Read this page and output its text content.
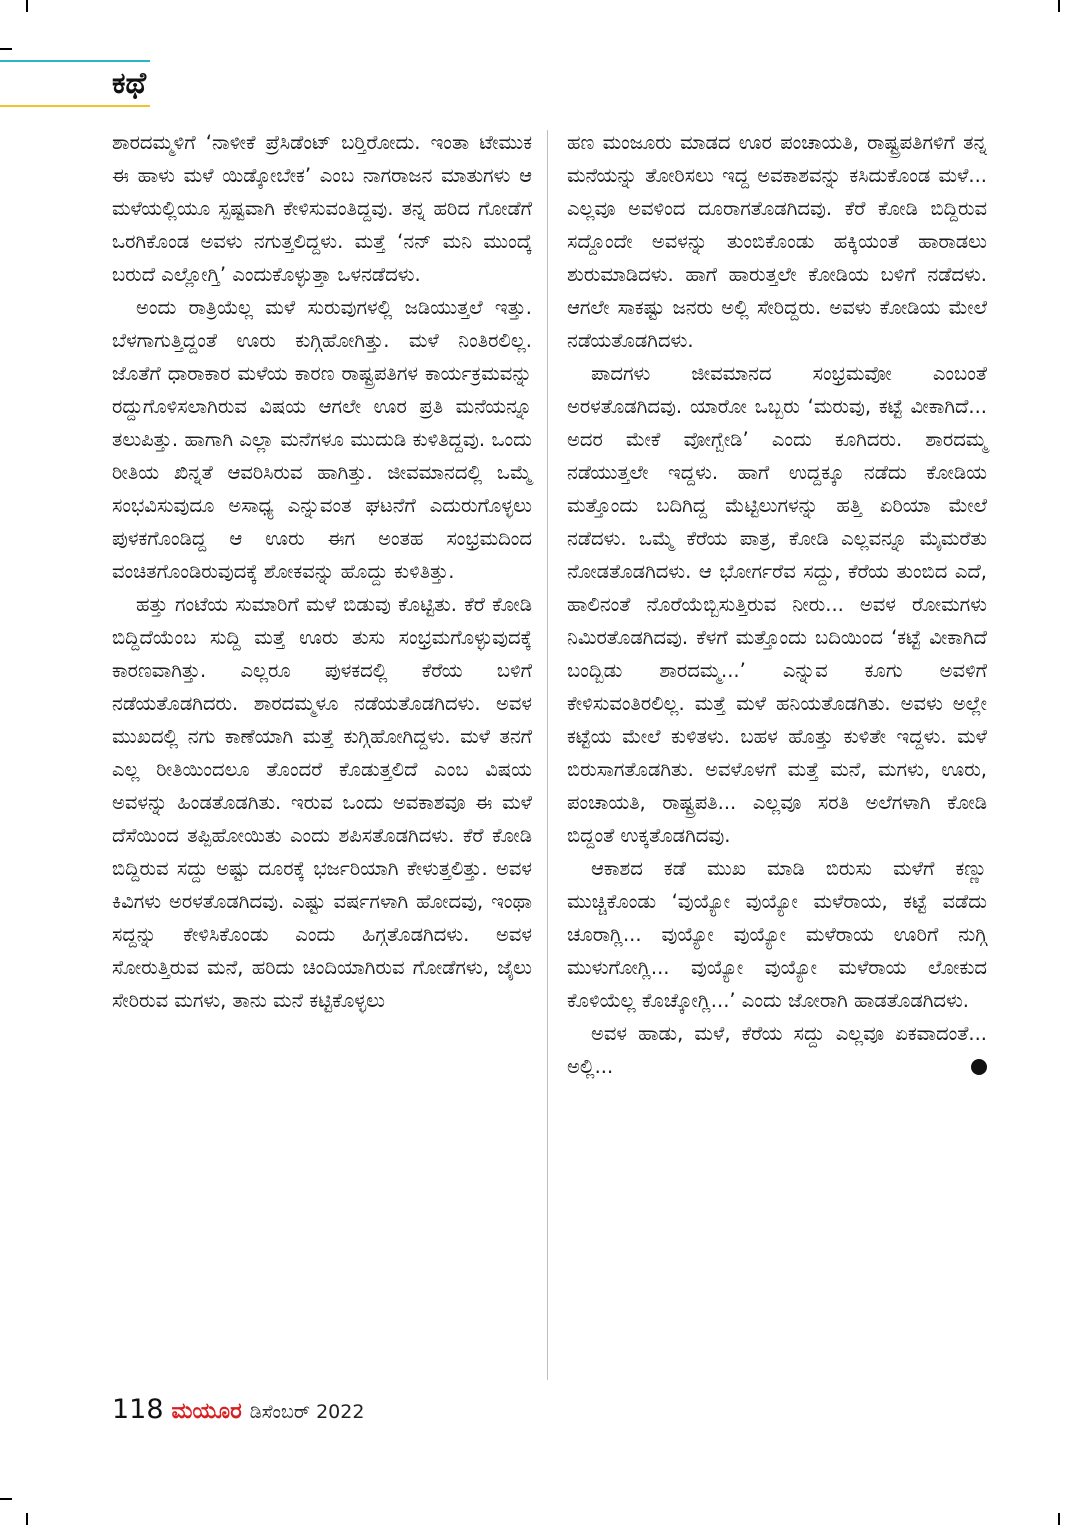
ಕಥೆ

ಶಾರದಮ್ಮಳಿಗೆ ‘ನಾಳೀಕೆ ಪ್ರೆಸಿಡೆಂಟ್ ಬರ‍್ತಿರೋದು. ಇಂತಾ ಟೇಮುಕ ಈ ಹಾಳು ಮಳೆ ಯಿಡ್ಕೋಬೇಕ’ ಎಂಬ ನಾಗರಾಜನ ಮಾತುಗಳು ಆ ಮಳೆಯಲ್ಲಿಯೂ ಸ್ಪಷ್ಟವಾಗಿ ಕೇಳಿಸುವಂತಿದ್ದವು. ತನ್ನ ಹರಿದ ಗೋಡೆಗೆ ಒರಗಿಕೊಂಡ ಅವಳು ನಗುತ್ತಲಿದ್ದಳು. ಮತ್ತೆ ‘ನನ್ ಮನಿ ಮುಂದ್ಕೆ ಬರುದೆ ಎಲ್ಲೋಗ್ತಿ’ ಎಂದುಕೊಳ್ಳುತ್ತಾ ಒಳನಡೆದಳು.

ಅಂದು ರಾತ್ರಿಯೆಲ್ಲ ಮಳೆ ಸುರುವುಗಳಲ್ಲಿ ಜಡಿಯುತ್ತಲೆ ಇತ್ತು. ಬೆಳಗಾಗುತ್ತಿದ್ದಂತೆ ಊರು ಕುಗ್ಗಿಹೋಗಿತ್ತು. ಮಳೆ ನಿಂತಿರಲಿಲ್ಲ. ಜೊತೆಗೆ ಧಾರಾಕಾರ ಮಳೆಯ ಕಾರಣ ರಾಷ್ಟ್ರಪತಿಗಳ ಕಾರ್ಯಕ್ರಮವನ್ನು ರದ್ದುಗೊಳಿಸಲಾಗಿರುವ ವಿಷಯ ಆಗಲೇ ಊರ ಪ್ರತಿ ಮನೆಯನ್ನೂ ತಲುಪಿತ್ತು. ಹಾಗಾಗಿ ಎಲ್ಲಾ ಮನೆಗಳೂ ಮುದುಡಿ ಕುಳಿತಿದ್ದವು. ಒಂದು ರೀತಿಯ ಖಿನ್ನತೆ ಆವರಿಸಿರುವ ಹಾಗಿತ್ತು. ಜೀವಮಾನದಲ್ಲಿ ಒಮ್ಮೆ ಸಂಭವಿಸುವುದೂ ಅಸಾಧ್ಯ ಎನ್ನುವಂತ ಘಟನೆಗೆ ಎದುರುಗೊಳ್ಳಲು ಪುಳಕಗೊಂಡಿದ್ದ ಆ ಊರು ಈಗ ಅಂತಹ ಸಂಭ್ರಮದಿಂದ ವಂಚಿತಗೊಂಡಿರುವುದಕ್ಕೆ ಶೋಕವನ್ನು ಹೊದ್ದು ಕುಳಿತಿತ್ತು.

ಹತ್ತು ಗಂಟೆಯ ಸುಮಾರಿಗೆ ಮಳೆ ಬಿಡುವು ಕೊಟ್ಟಿತು. ಕೆರೆ ಕೋಡಿ ಬಿದ್ದಿದೆಯೆಂಬ ಸುದ್ದಿ ಮತ್ತೆ ಊರು ತುಸು ಸಂಭ್ರಮಗೊಳ್ಳುವುದಕ್ಕೆ ಕಾರಣವಾಗಿತ್ತು. ಎಲ್ಲರೂ ಪುಳಕದಲ್ಲಿ ಕೆರೆಯ ಬಳಿಗೆ ನಡೆಯತೊಡಗಿದರು. ಶಾರದಮ್ಮಳೂ ನಡೆಯತೊಡಗಿದಳು. ಅವಳ ಮುಖದಲ್ಲಿ ನಗು ಕಾಣೆಯಾಗಿ ಮತ್ತೆ ಕುಗ್ಗಿಹೋಗಿದ್ದಳು. ಮಳೆ ತನಗೆ ಎಲ್ಲ ರೀತಿಯಿಂದಲೂ ತೊಂದರೆ ಕೊಡುತ್ತಲಿದೆ ಎಂಬ ವಿಷಯ ಅವಳನ್ನು ಹಿಂಡತೊಡಗಿತು. ಇರುವ ಒಂದು ಅವಕಾಶವೂ ಈ ಮಳೆ ದೆಸೆಯಿಂದ ತಪ್ಪಿಹೋಯಿತು ಎಂದು ಶಪಿಸತೊಡಗಿದಳು. ಕೆರೆ ಕೋಡಿ ಬಿದ್ದಿರುವ ಸದ್ದು ಅಷ್ಟು ದೂರಕ್ಕೆ ಭರ್ಜರಿಯಾಗಿ ಕೇಳುತ್ತಲಿತ್ತು. ಅವಳ ಕಿವಿಗಳು ಅರಳತೊಡಗಿದವು. ಎಷ್ಟು ವರ್ಷಗಳಾಗಿ ಹೋದವು, ಇಂಥಾ ಸದ್ದನ್ನು ಕೇಳಿಸಿಕೊಂಡು ಎಂದು ಹಿಗ್ಗತೊಡಗಿದಳು. ಅವಳ ಸೋರುತ್ತಿರುವ ಮನೆ, ಹರಿದು ಚಿಂದಿಯಾಗಿರುವ ಗೋಡೆಗಳು, ಜೈಲು ಸೇರಿರುವ ಮಗಳು, ತಾನು ಮನೆ ಕಟ್ಟಿಕೊಳ್ಳಲು

ಹಣ ಮಂಜೂರು ಮಾಡದ ಊರ ಪಂಚಾಯತಿ, ರಾಷ್ಟ್ರಪತಿಗಳಿಗೆ ತನ್ನ ಮನೆಯನ್ನು ತೋರಿಸಲು ಇದ್ದ ಅವಕಾಶವನ್ನು ಕಸಿದುಕೊಂಡ ಮಳೆ... ಎಲ್ಲವೂ ಅವಳಿಂದ ದೂರಾಗತೊಡಗಿದವು. ಕೆರೆ ಕೋಡಿ ಬಿದ್ದಿರುವ ಸದ್ದೊಂದೇ ಅವಳನ್ನು ತುಂಬಿಕೊಂಡು ಹಕ್ಕಿಯಂತೆ ಹಾರಾಡಲು ಶುರುಮಾಡಿದಳು. ಹಾಗೆ ಹಾರುತ್ತಲೇ ಕೋಡಿಯ ಬಳಿಗೆ ನಡೆದಳು. ಆಗಲೇ ಸಾಕಷ್ಟು ಜನರು ಅಲ್ಲಿ ಸೇರಿದ್ದರು. ಅವಳು ಕೋಡಿಯ ಮೇಲೆ ನಡೆಯತೊಡಗಿದಳು.

ಪಾದಗಳು ಜೀವಮಾನದ ಸಂಭ್ರಮವೋ ಎಂಬಂತೆ ಅರಳತೊಡಗಿದವು. ಯಾರೋ ಒಬ್ಬರು ‘ಮರುವು, ಕಟ್ಟೆ ವೀಕಾಗಿದೆ... ಅದರ ಮೇಕೆ ವೋಗ್ಬೇಡಿ’ ಎಂದು ಕೂಗಿದರು. ಶಾರದಮ್ಮ ನಡೆಯುತ್ತಲೇ ಇದ್ದಳು. ಹಾಗೆ ಉದ್ದಕ್ಕೂ ನಡೆದು ಕೋಡಿಯ ಮತ್ತೊಂದು ಬದಿಗಿದ್ದ ಮೆಟ್ಟಿಲುಗಳನ್ನು ಹತ್ತಿ ಏರಿಯಾ ಮೇಲೆ ನಡೆದಳು. ಒಮ್ಮೆ ಕೆರೆಯ ಪಾತ್ರ, ಕೋಡಿ ಎಲ್ಲವನ್ನೂ ಮೈಮರೆತು ನೋಡತೊಡಗಿದಳು. ಆ ಭೋರ್ಗರೆವ ಸದ್ದು, ಕೆರೆಯ ತುಂಬಿದ ಎದೆ, ಹಾಲಿನಂತೆ ನೊರೆಯೆಬ್ಬಿಸುತ್ತಿರುವ ನೀರು... ಅವಳ ರೋಮಗಳು ನಿಮಿರತೊಡಗಿದವು. ಕೆಳಗೆ ಮತ್ತೊಂದು ಬದಿಯಿಂದ ‘ಕಟ್ಟೆ ವೀಕಾಗಿದೆ ಬಂದ್ಬಿಡು ಶಾರದಮ್ಮ...’ ಎನ್ನುವ ಕೂಗು ಅವಳಿಗೆ ಕೇಳಿಸುವಂತಿರಲಿಲ್ಲ. ಮತ್ತೆ ಮಳೆ ಹನಿಯತೊಡಗಿತು. ಅವಳು ಅಲ್ಲೇ ಕಟ್ಟೆಯ ಮೇಲೆ ಕುಳಿತಳು. ಬಹಳ ಹೊತ್ತು ಕುಳಿತೇ ಇದ್ದಳು. ಮಳೆ ಬಿರುಸಾಗತೊಡಗಿತು. ಅವಳೊಳಗೆ ಮತ್ತೆ ಮನೆ, ಮಗಳು, ಊರು, ಪಂಚಾಯತಿ, ರಾಷ್ಟ್ರಪತಿ... ಎಲ್ಲವೂ ಸರತಿ ಅಲೆಗಳಾಗಿ ಕೋಡಿ ಬಿದ್ದಂತೆ ಉಕ್ಕತೊಡಗಿದವು.

ಆಕಾಶದ ಕಡೆ ಮುಖ ಮಾಡಿ ಬಿರುಸು ಮಳೆಗೆ ಕಣ್ಣು ಮುಚ್ಚಿಕೊಂಡು ‘ವುಯ್ಯೋ ವುಯ್ಯೋ ಮಳೆರಾಯ, ಕಟ್ಟೆ ವಡೆದು ಚೂರಾಗ್ಲಿ... ವುಯ್ಯೋ ವುಯ್ಯೋ ಮಳೆರಾಯ ಊರಿಗೆ ನುಗ್ಗಿ ಮುಳುಗೋಗ್ಲಿ... ವುಯ್ಯೋ ವುಯ್ಯೋ ಮಳೆರಾಯ ಲೋಕುದ ಕೊಳಿಯೆಲ್ಲ ಕೊಚ್ಕೋಗ್ಲಿ...’ ಎಂದು ಜೋರಾಗಿ ಹಾಡತೊಡಗಿದಳು.

ಅವಳ ಹಾಡು, ಮಳೆ, ಕೆರೆಯ ಸದ್ದು ಎಲ್ಲವೂ ಏಕವಾದಂತೆ... ಅಲ್ಲಿ...

118 ಮಯೂರ ಡಿಸೆಂಬರ್ 2022
